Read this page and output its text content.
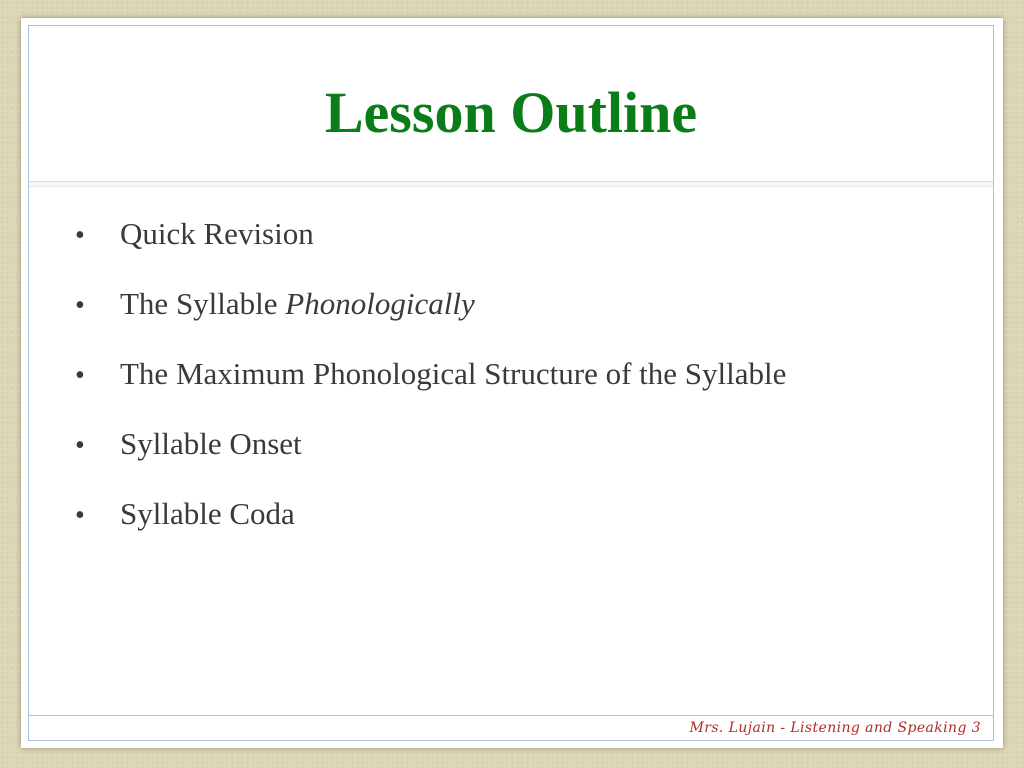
Lesson Outline
•	Quick Revision
•	The Syllable Phonologically
•	The Maximum Phonological Structure of the Syllable
•	Syllable Onset
•	Syllable Coda
Mrs. Lujain - Listening and Speaking 3
